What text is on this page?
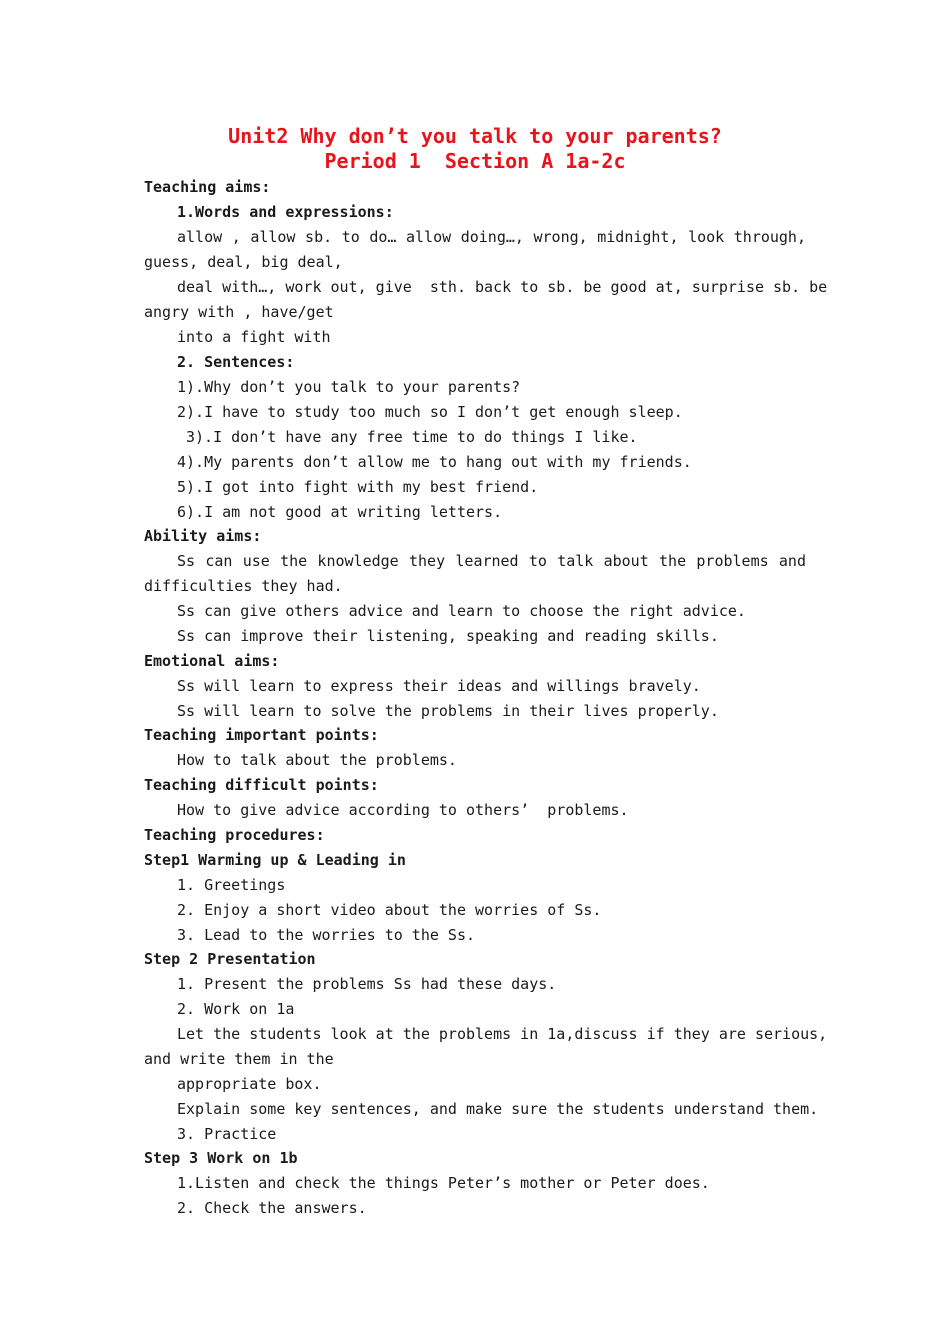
Unit2 Why don’t you talk to your parents?
Period 1  Section A 1a-2c
Teaching aims:
1.Words and expressions:
allow , allow sb. to do… allow doing…, wrong, midnight, look through,
guess, deal, big deal,
deal with…, work out, give  sth. back to sb. be good at, surprise sb. be
angry with , have/get
into a fight with
2. Sentences:
1).Why don’t you talk to your parents?
2).I have to study too much so I don’t get enough sleep.
3).I don’t have any free time to do things I like.
4).My parents don’t allow me to hang out with my friends.
5).I got into fight with my best friend.
6).I am not good at writing letters.
Ability aims:
Ss can use the knowledge they learned to talk about the problems and
difficulties they had.
Ss can give others advice and learn to choose the right advice.
Ss can improve their listening, speaking and reading skills.
Emotional aims:
Ss will learn to express their ideas and willings bravely.
Ss will learn to solve the problems in their lives properly.
Teaching important points:
How to talk about the problems.
Teaching difficult points:
How to give advice according to others’  problems.
Teaching procedures:
Step1 Warming up & Leading in
1. Greetings
2. Enjoy a short video about the worries of Ss.
3. Lead to the worries to the Ss.
Step 2 Presentation
1. Present the problems Ss had these days.
2. Work on 1a
Let the students look at the problems in 1a,discuss if they are serious,
and write them in the
appropriate box.
Explain some key sentences, and make sure the students understand them.
3. Practice
Step 3 Work on 1b
1.Listen and check the things Peter’s mother or Peter does.
2. Check the answers.
